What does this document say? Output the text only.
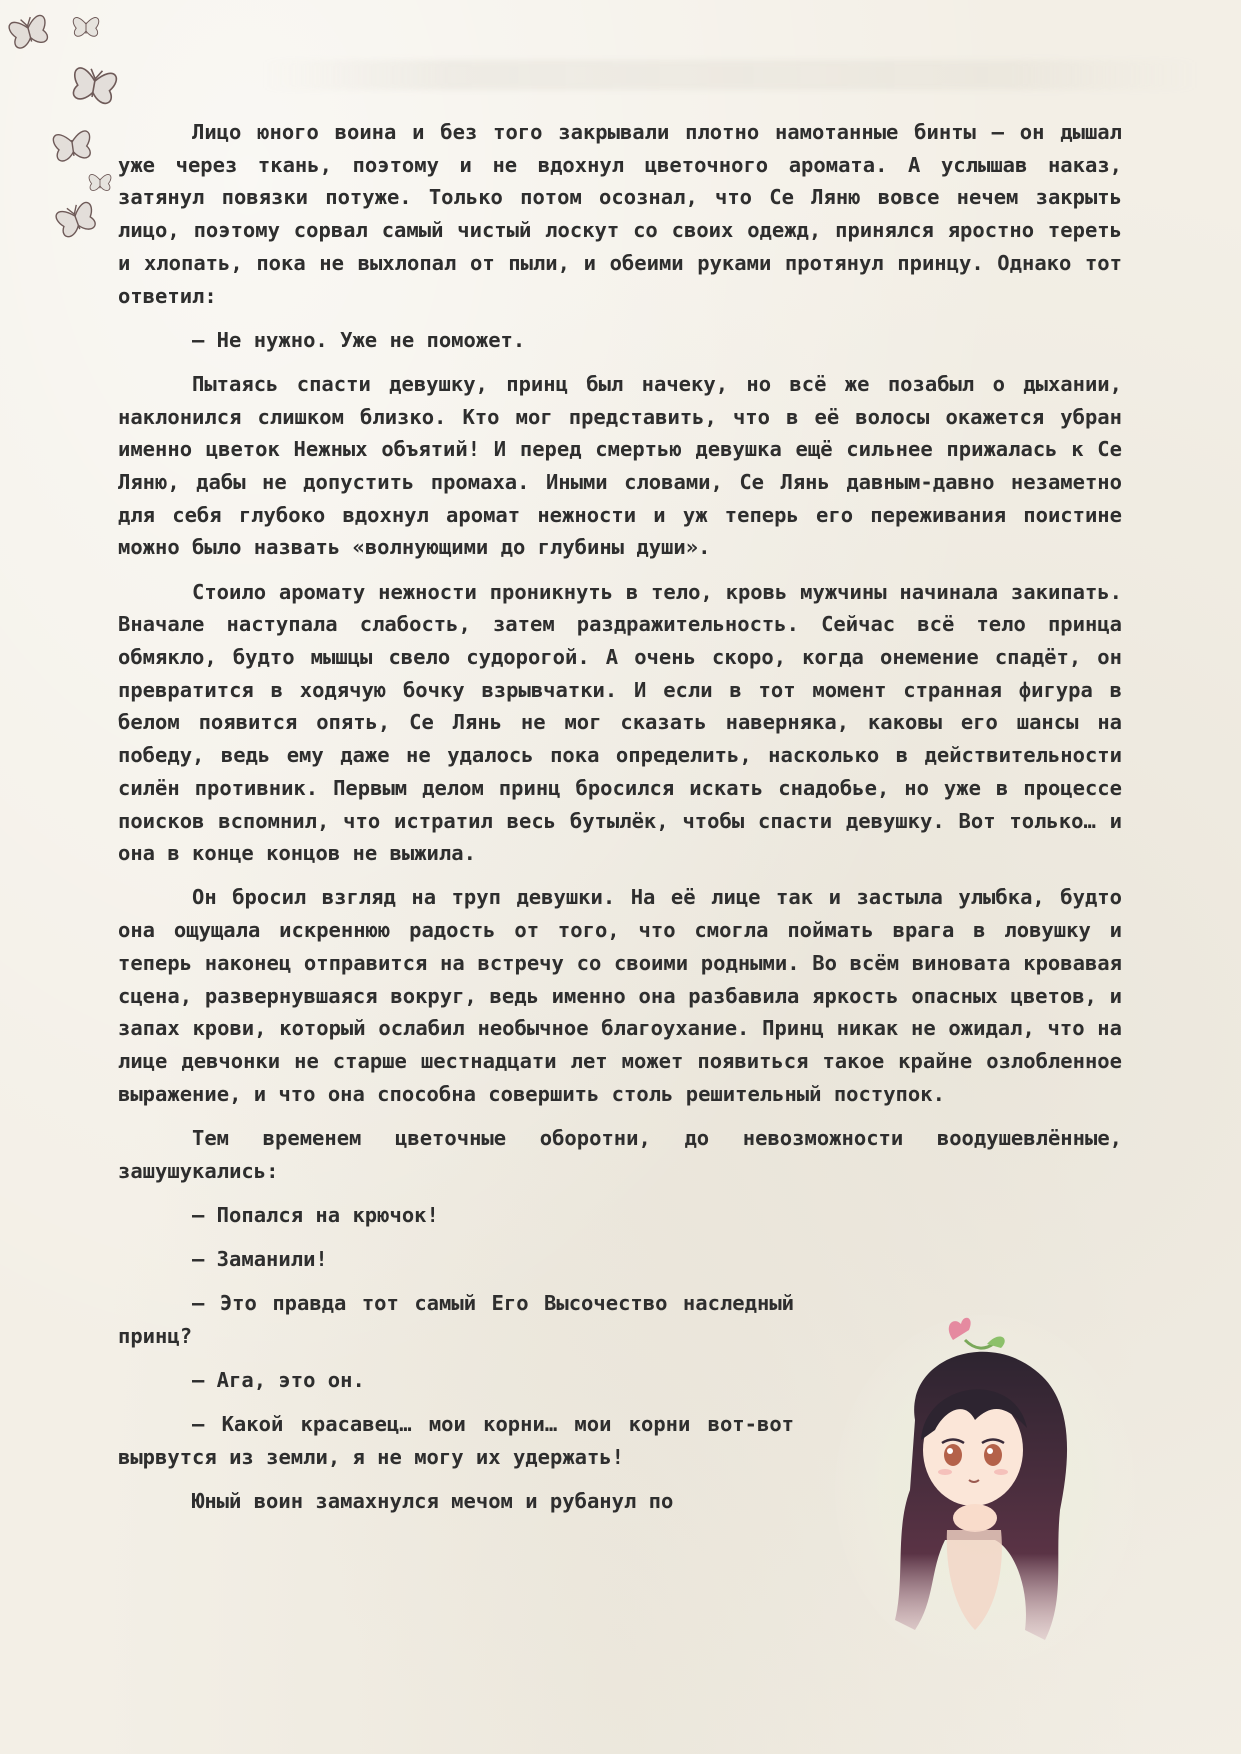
Лицо юного воина и без того закрывали плотно намотанные бинты — он дышал уже через ткань, поэтому и не вдохнул цветочного аромата. А услышав наказ, затянул повязки потуже. Только потом осознал, что Се Ляню вовсе нечем закрыть лицо, поэтому сорвал самый чистый лоскут со своих одежд, принялся яростно тереть и хлопать, пока не выхлопал от пыли, и обеими руками протянул принцу. Однако тот ответил:

— Не нужно. Уже не поможет.

Пытаясь спасти девушку, принц был начеку, но всё же позабыл о дыхании, наклонился слишком близко. Кто мог представить, что в её волосы окажется убран именно цветок Нежных объятий! И перед смертью девушка ещё сильнее прижалась к Се Ляню, дабы не допустить промаха. Иными словами, Се Лянь давным-давно незаметно для себя глубоко вдохнул аромат нежности и уж теперь его переживания поистине можно было назвать «волнующими до глубины души».

Стоило аромату нежности проникнуть в тело, кровь мужчины начинала закипать. Вначале наступала слабость, затем раздражительность. Сейчас всё тело принца обмякло, будто мышцы свело судорогой. А очень скоро, когда онемение спадёт, он превратится в ходячую бочку взрывчатки. И если в тот момент странная фигура в белом появится опять, Се Лянь не мог сказать наверняка, каковы его шансы на победу, ведь ему даже не удалось пока определить, насколько в действительности силён противник. Первым делом принц бросился искать снадобье, но уже в процессе поисков вспомнил, что истратил весь бутылёк, чтобы спасти девушку. Вот только… и она в конце концов не выжила.

Он бросил взгляд на труп девушки. На её лице так и застыла улыбка, будто она ощущала искреннюю радость от того, что смогла поймать врага в ловушку и теперь наконец отправится на встречу со своими родными. Во всём виновата кровавая сцена, развернувшаяся вокруг, ведь именно она разбавила яркость опасных цветов, и запах крови, который ослабил необычное благоухание. Принц никак не ожидал, что на лице девчонки не старше шестнадцати лет может появиться такое крайне озлобленное выражение, и что она способна совершить столь решительный поступок.

Тем временем цветочные оборотни, до невозможности воодушевлённые, зашушукались:

— Попался на крючок!

— Заманили!

— Это правда тот самый Его Высочество наследный принц?

— Ага, это он.

— Какой красавец… мои корни… мои корни вот-вот вырвутся из земли, я не могу их удержать!

Юный воин замахнулся мечом и рубанул по
